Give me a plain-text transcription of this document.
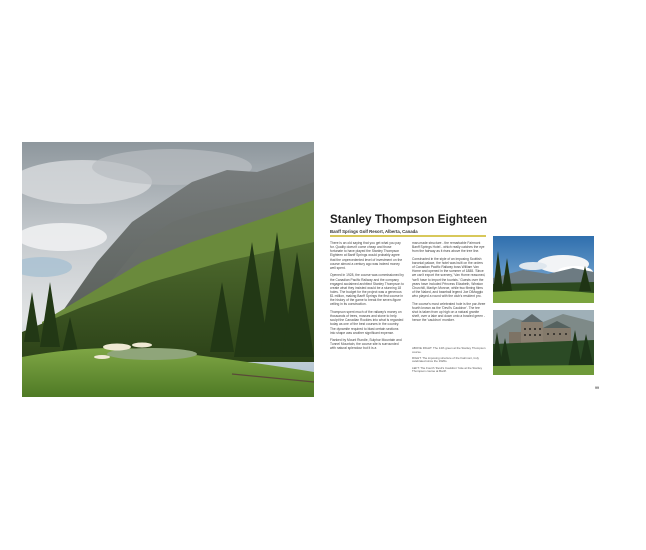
Stanley Thompson Eighteen
Banff Springs Golf Resort, Alberta, Canada

There is an old saying that you get what you pay for. Quality doesn't come cheap and those fortunate to have played the Stanley Thompson Eighteen at Banff Springs would probably agree that the unprecedented level of investment on the course almost a century ago was indeed money well spent.

Opened in 1928, the course was commissioned by the Canadian Pacific Railway and the company engaged acclaimed architect Stanley Thompson to create what they insisted would be a stunning 18 holes. The budget for the project was a generous $1 million, making Banff Springs the first course in the history of the game to break the seven-figure ceiling in its construction.

Thompson spent much of the railway's money on thousands of trees, mosses and stone to help sculpt the Canadian Rockies into what is regarded today as one of the best courses in the country. The dynamite required to blast certain sections into shape was another significant expense.

Flanked by Mount Rundle, Sulphur Mountain and Tunnel Mountain, the course site is surrounded with natural splendour but it is a

man-made structure - the remarkable Fairmont Banff Springs Hotel - which really catches the eye from the fairway as it rises above the tree line.

Constructed in the style of an imposing Scottish baronial palace, the hotel was built on the orders of Canadian Pacific Railway boss William Van Horne and opened in the summer of 1888. 'Since we can't export the scenery,' Van Horne reasoned, 'we'll have to import the tourists.' Guests over the years have included Princess Elizabeth, Winston Churchill, Marilyn Monroe, while two filming films of the Naked, and baseball legend Joe DiMaggio who played a round with the club's resident pro.

The course's most celebrated hole is the par-three fourth known as the 'Devil's Cauldron'. The tee shot is taken from up high on a natural granite shelf, over a lake and down onto a bowled green - hence the 'cauldron' moniker.

ABOVE RIGHT: The 14th green at the Stanley Thompson course.

RIGHT: The imposing structure of the Fairmont, truly celebrated since the 1920s.

LEFT: The Fourth 'Devil's Cauldron' hole at the Stanley Thompson course at Banff.

99
